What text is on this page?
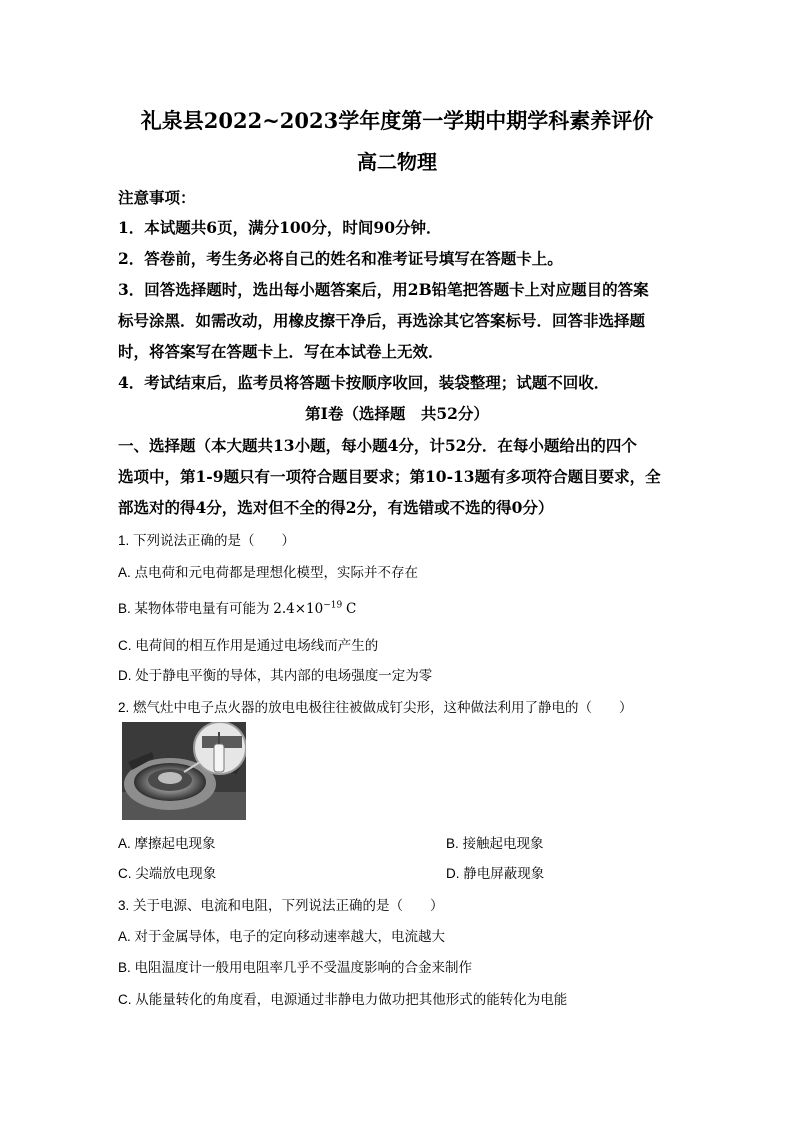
礼泉县2022~2023学年度第一学期中期学科素养评价
高二物理
注意事项：
1．本试题共6页，满分100分，时间90分钟．
2．答卷前，考生务必将自己的姓名和准考证号填写在答题卡上。
3．回答选择题时，选出每小题答案后，用2B铅笔把答题卡上对应题目的答案
标号涂黑．如需改动，用橡皮擦干净后，再选涂其它答案标号．回答非选择题
时，将答案写在答题卡上．写在本试卷上无效．
4．考试结束后，监考员将答题卡按顺序收回，装袋整理；试题不回收．
第Ⅰ卷（选择题　共52分）
一、选择题（本大题共13小题，每小题4分，计52分．在每小题给出的四个
选项中，第1-9题只有一项符合题目要求；第10-13题有多项符合题目要求，全
部选对的得4分，选对但不全的得2分，有选错或不选的得0分）
1. 下列说法正确的是（　　）
A. 点电荷和元电荷都是理想化模型，实际并不存在
B. 某物体带电量有可能为 $2.4\times 10^{-19}$ C
C. 电荷间的相互作用是通过电场线而产生的
D. 处于静电平衡的导体，其内部的电场强度一定为零
2. 燃气灶中电子点火器的放电电极往往被做成钉尖形，这种做法利用了静电的（　　）
A. 摩擦起电现象	B. 接触起电现象
C. 尖端放电现象	D. 静电屏蔽现象
3. 关于电源、电流和电阻，下列说法正确的是（　　）
A. 对于金属导体，电子的定向移动速率越大，电流越大
B. 电阻温度计一般用电阻率几乎不受温度影响的合金来制作
C. 从能量转化的角度看，电源通过非静电力做功把其他形式的能转化为电能
